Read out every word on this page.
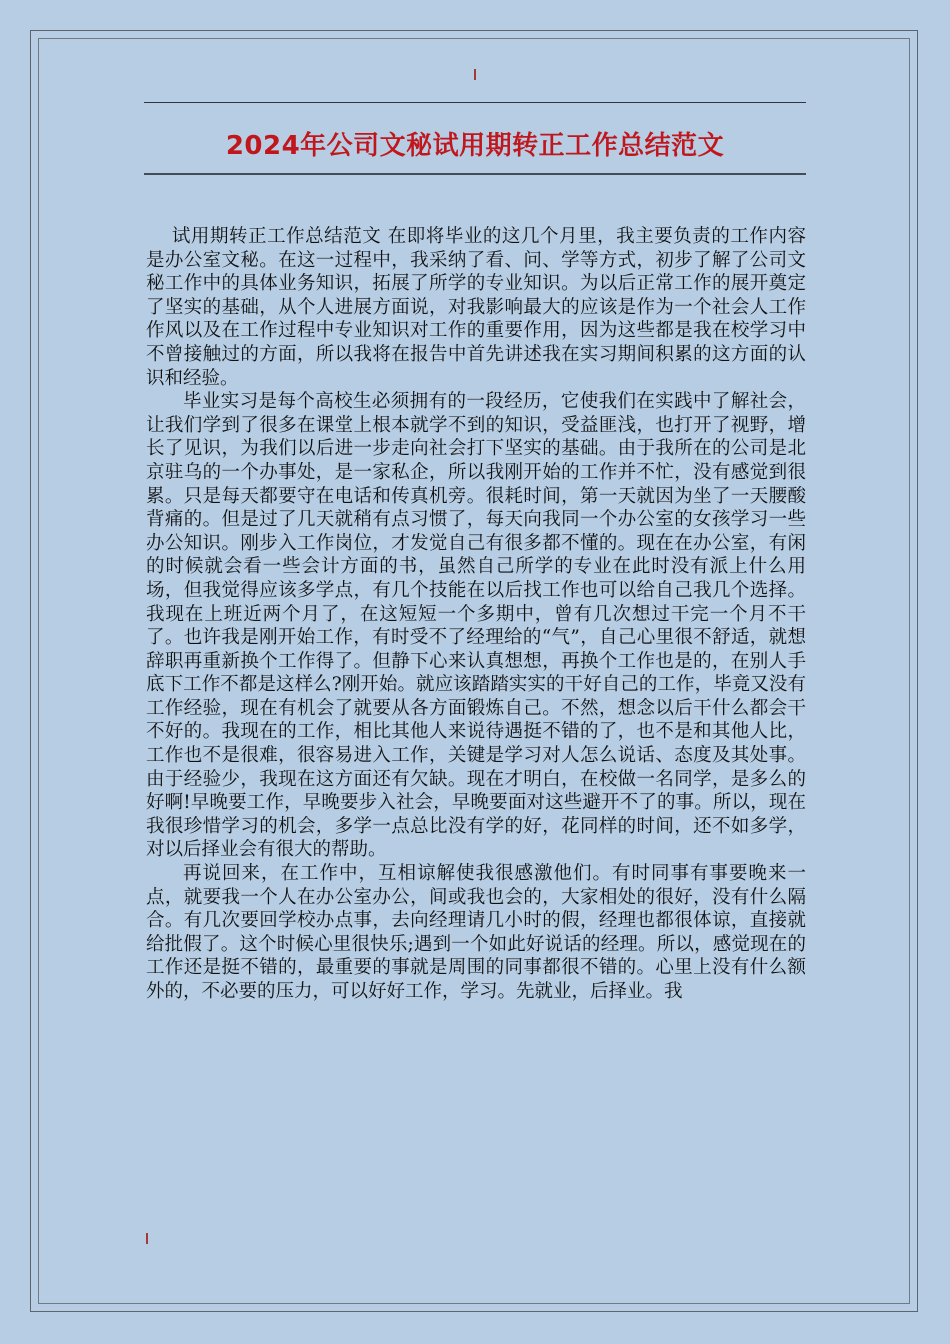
2024年公司文秘试用期转正工作总结范文

试用期转正工作总结范文 在即将毕业的这几个月里，我主要负责的工作内容是办公室文秘。在这一过程中，我采纳了看、问、学等方式，初步了解了公司文秘工作中的具体业务知识，拓展了所学的专业知识。为以后正常工作的展开奠定了坚实的基础，从个人进展方面说，对我影响最大的应该是作为一个社会人工作作风以及在工作过程中专业知识对工作的重要作用，因为这些都是我在校学习中不曾接触过的方面，所以我将在报告中首先讲述我在实习期间积累的这方面的认识和经验。

毕业实习是每个高校生必须拥有的一段经历，它使我们在实践中了解社会，让我们学到了很多在课堂上根本就学不到的知识，受益匪浅，也打开了视野，增长了见识，为我们以后进一步走向社会打下坚实的基础。由于我所在的公司是北京驻乌的一个办事处，是一家私企，所以我刚开始的工作并不忙，没有感觉到很累。只是每天都要守在电话和传真机旁。很耗时间，第一天就因为坐了一天腰酸背痛的。但是过了几天就稍有点习惯了，每天向我同一个办公室的女孩学习一些办公知识。刚步入工作岗位，才发觉自己有很多都不懂的。现在在办公室，有闲的时候就会看一些会计方面的书，虽然自己所学的专业在此时没有派上什么用场，但我觉得应该多学点，有几个技能在以后找工作也可以给自己我几个选择。我现在上班近两个月了，在这短短一个多期中，曾有几次想过干完一个月不干了。也许我是刚开始工作，有时受不了经理给的“气”，自己心里很不舒适，就想辞职再重新换个工作得了。但静下心来认真想想，再换个工作也是的，在别人手底下工作不都是这样么?刚开始。就应该踏踏实实的干好自己的工作，毕竟又没有工作经验，现在有机会了就要从各方面锻炼自己。不然，想念以后干什么都会干不好的。我现在的工作，相比其他人来说待遇挺不错的了，也不是和其他人比，工作也不是很难，很容易进入工作，关键是学习对人怎么说话、态度及其处事。由于经验少，我现在这方面还有欠缺。现在才明白，在校做一名同学，是多么的好啊!早晚要工作，早晚要步入社会，早晚要面对这些避开不了的事。所以，现在我很珍惜学习的机会，多学一点总比没有学的好，花同样的时间，还不如多学，对以后择业会有很大的帮助。

再说回来，在工作中，互相谅解使我很感激他们。有时同事有事要晚来一点，就要我一个人在办公室办公，间或我也会的，大家相处的很好，没有什么隔合。有几次要回学校办点事，去向经理请几小时的假，经理也都很体谅，直接就给批假了。这个时候心里很快乐;遇到一个如此好说话的经理。所以，感觉现在的工作还是挺不错的，最重要的事就是周围的同事都很不错的。心里上没有什么额外的，不必要的压力，可以好好工作，学习。先就业，后择业。我
